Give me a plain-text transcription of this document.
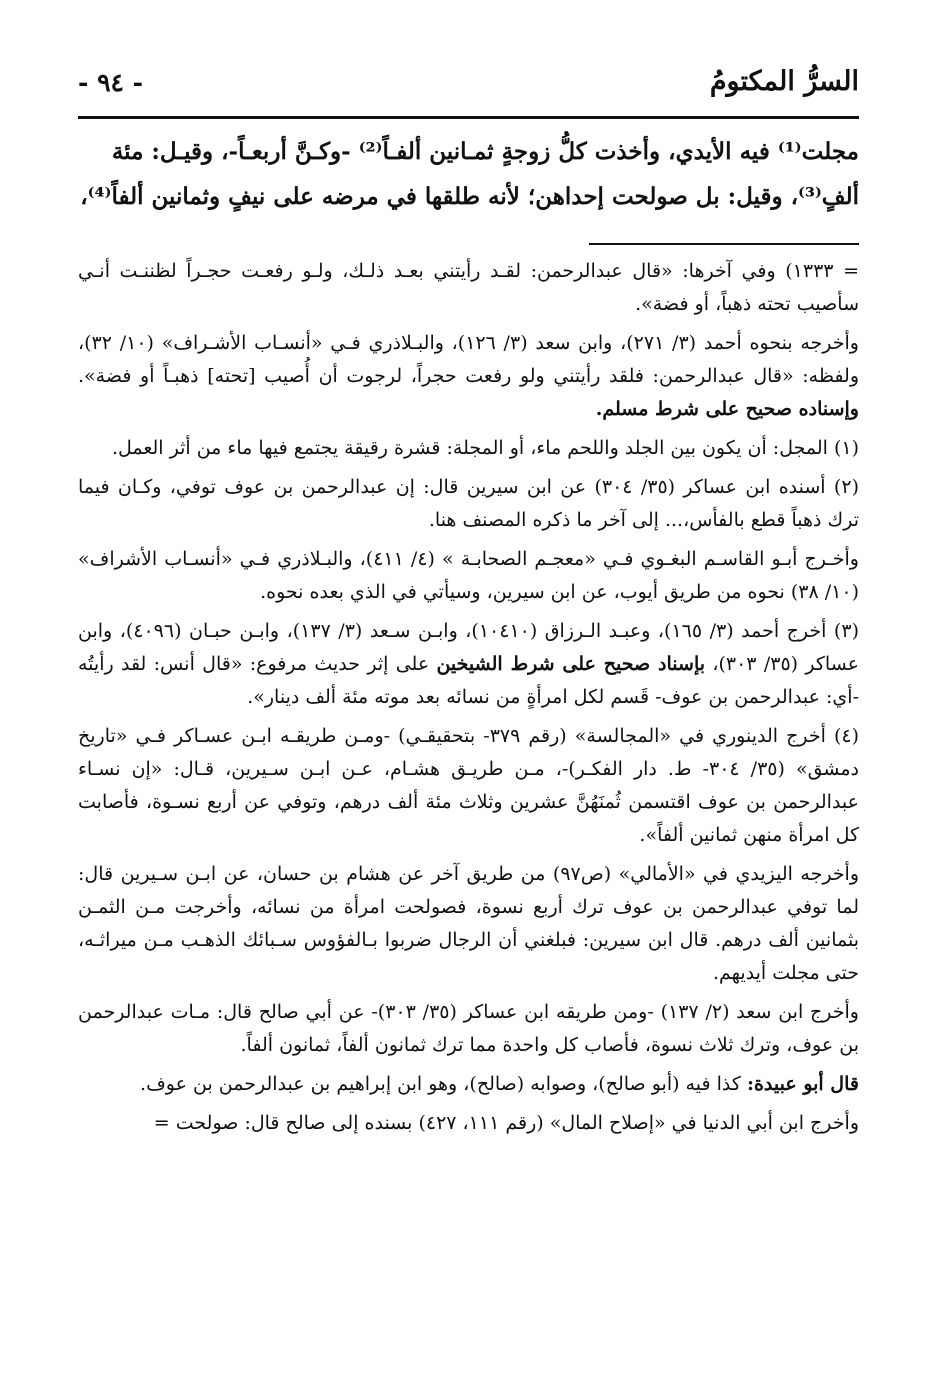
السرُّ المكتومُ
- ٩٤ -

مجلت⁽¹⁾ فيه الأيدي، وأخذت كلُّ زوجةٍ ثمـانين ألفـاً⁽²⁾ -وكـنَّ أربعـاً-، وقيـل: مئة

ألفٍ⁽³⁾، وقيل: بل صولحت إحداهن؛ لأنه طلقها في مرضه على نيفٍ وثمانين ألفاً⁽⁴⁾،

= ١٣٣٣) وفي آخرها: «قال عبدالرحمن: لقـد رأيتني بعـد ذلـك، ولـو رفعـت حجـراً لظننـت أنـي سأصيب تحته ذهباً، أو فضة».

وأخرجه بنحوه أحمد (٣/ ٢٧١)، وابن سعد (٣/ ١٢٦)، والبـلاذري فـي «أنسـاب الأشـراف» (١٠/ ٣٢)، ولفظه: «قال عبدالرحمن: فلقد رأيتني ولو رفعت حجراً، لرجوت أن أُصيب [تحته] ذهبـاً أو فضة». وإسناده صحيح على شرط مسلم.

(١) المجل: أن يكون بين الجلد واللحم ماء، أو المجلة: قشرة رقيقة يجتمع فيها ماء من أثر العمل.

(٢) أسنده ابن عساكر (٣٥/ ٣٠٤) عن ابن سيرين قال: إن عبدالرحمن بن عوف توفي، وكـان فيما ترك ذهباً قطع بالفأس،... إلى آخر ما ذكره المصنف هنا.

وأخـرج أبـو القاسـم البغـوي فـي «معجـم الصحابـة » (٤/ ٤١١)، والبـلاذري فـي «أنسـاب الأشراف» (١٠/ ٣٨) نحوه من طريق أيوب، عن ابن سيرين، وسيأتي في الذي بعده نحوه.

(٣) أخرج أحمد (٣/ ١٦٥)، وعبـد الـرزاق (١٠٤١٠)، وابـن سـعد (٣/ ١٣٧)، وابـن حبـان (٤٠٩٦)، وابن عساكر (٣٥/ ٣٠٣)، بإسناد صحيح على شرط الشيخين على إثر حديث مرفوع: «قال أنس: لقد رأيتُه -أي: عبدالرحمن بن عوف- قَسم لكل امرأةٍ من نسائه بعد موته مئة ألف دينار».

(٤) أخرج الدينوري في «المجالسة» (رقم ٣٧٩- بتحقيقـي) -ومـن طريقـه ابـن عسـاكر فـي «تاريخ دمشق» (٣٥/ ٣٠٤- ط. دار الفكـر)-، مـن طريـق هشـام، عـن ابـن سـيرين، قـال: «إن نسـاء عبدالرحمن بن عوف اقتسمن ثُمنَهُنَّ عشرين وثلاث مئة ألف درهم، وتوفي عن أربع نسـوة، فأصابت كل امرأة منهن ثمانين ألفاً».

وأخرجه اليزيدي في «الأمالي» (ص٩٧) من طريق آخر عن هشام بن حسان، عن ابـن سـيرين قال: لما توفي عبدالرحمن بن عوف ترك أربع نسوة، فصولحت امرأة من نسائه، وأخرجت مـن الثمـن بثمانين ألف درهم. قال ابن سيرين: فبلغني أن الرجال ضربوا بـالفؤوس سـبائك الذهـب مـن ميراثـه، حتى مجلت أيديهم.

وأخرج ابن سعد (٢/ ١٣٧) -ومن طريقه ابن عساكر (٣٥/ ٣٠٣)- عن أبي صالح قال: مـات عبدالرحمن بن عوف، وترك ثلاث نسوة، فأصاب كل واحدة مما ترك ثمانون ألفاً، ثمانون ألفاً.

قال أبو عبيدة: كذا فيه (أبو صالح)، وصوابه (صالح)، وهو ابن إبراهيم بن عبدالرحمن بن عوف.

وأخرج ابن أبي الدنيا في «إصلاح المال» (رقم ١١١، ٤٢٧) بسنده إلى صالح قال: صولحت =
